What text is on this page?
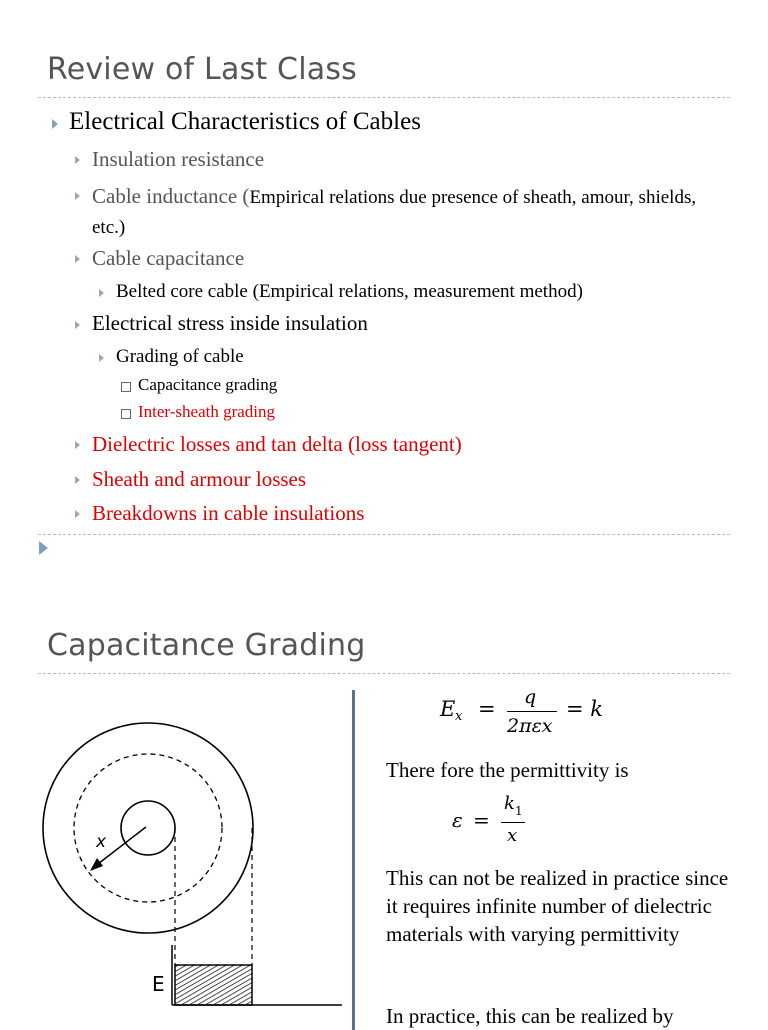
Review of Last Class
Electrical Characteristics of Cables
Insulation resistance
Cable inductance (Empirical relations due presence of sheath, amour, shields, etc.)
Cable capacitance
Belted core cable (Empirical relations, measurement method)
Electrical stress inside insulation
Grading of cable
Capacitance grading
Inter-sheath grading
Dielectric losses and tan delta (loss tangent)
Sheath and armour losses
Breakdowns in cable insulations
Capacitance Grading
x
E
E x = q
2πεx
= k
There fore the permittivity is
ε =
k 1
x
This can not be realized in practice since it requires infinite number of dielectric materials with varying permittivity
In practice, this can be realized by
